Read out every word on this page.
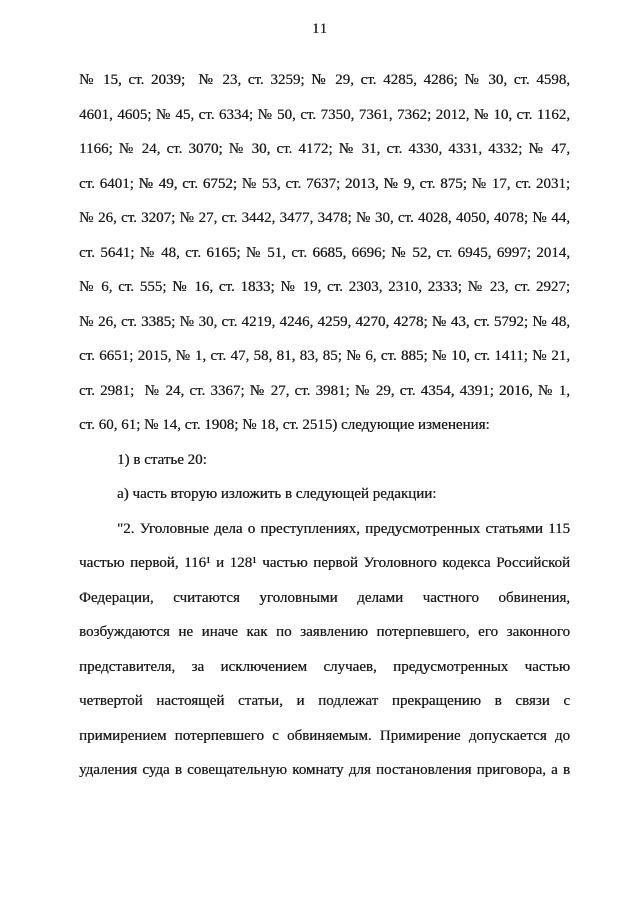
11
№ 15, ст. 2039;  № 23, ст. 3259; № 29, ст. 4285, 4286; № 30, ст. 4598,
4601, 4605; № 45, ст. 6334; № 50, ст. 7350, 7361, 7362; 2012, № 10, ст. 1162,
1166; № 24, ст. 3070; № 30, ст. 4172; № 31, ст. 4330, 4331, 4332; № 47,
ст. 6401; № 49, ст. 6752; № 53, ст. 7637; 2013, № 9, ст. 875; № 17, ст. 2031;
№ 26, ст. 3207; № 27, ст. 3442, 3477, 3478; № 30, ст. 4028, 4050, 4078; № 44,
ст. 5641; № 48, ст. 6165; № 51, ст. 6685, 6696; № 52, ст. 6945, 6997; 2014,
№ 6, ст. 555; № 16, ст. 1833; № 19, ст. 2303, 2310, 2333; № 23, ст. 2927;
№ 26, ст. 3385; № 30, ст. 4219, 4246, 4259, 4270, 4278; № 43, ст. 5792; № 48,
ст. 6651; 2015, № 1, ст. 47, 58, 81, 83, 85; № 6, ст. 885; № 10, ст. 1411; № 21,
ст. 2981;  № 24, ст. 3367; № 27, ст. 3981; № 29, ст. 4354, 4391; 2016, № 1,
ст. 60, 61; № 14, ст. 1908; № 18, ст. 2515) следующие изменения:
1) в статье 20:
а) часть вторую изложить в следующей редакции:
"2. Уголовные дела о преступлениях, предусмотренных статьями 115
частью первой, 116¹ и 128¹ частью первой Уголовного кодекса Российской
Федерации, считаются уголовными делами частного обвинения,
возбуждаются не иначе как по заявлению потерпевшего, его законного
представителя, за исключением случаев, предусмотренных частью
четвертой настоящей статьи, и подлежат прекращению в связи с
примирением потерпевшего с обвиняемым. Примирение допускается до
удаления суда в совещательную комнату для постановления приговора, а в
